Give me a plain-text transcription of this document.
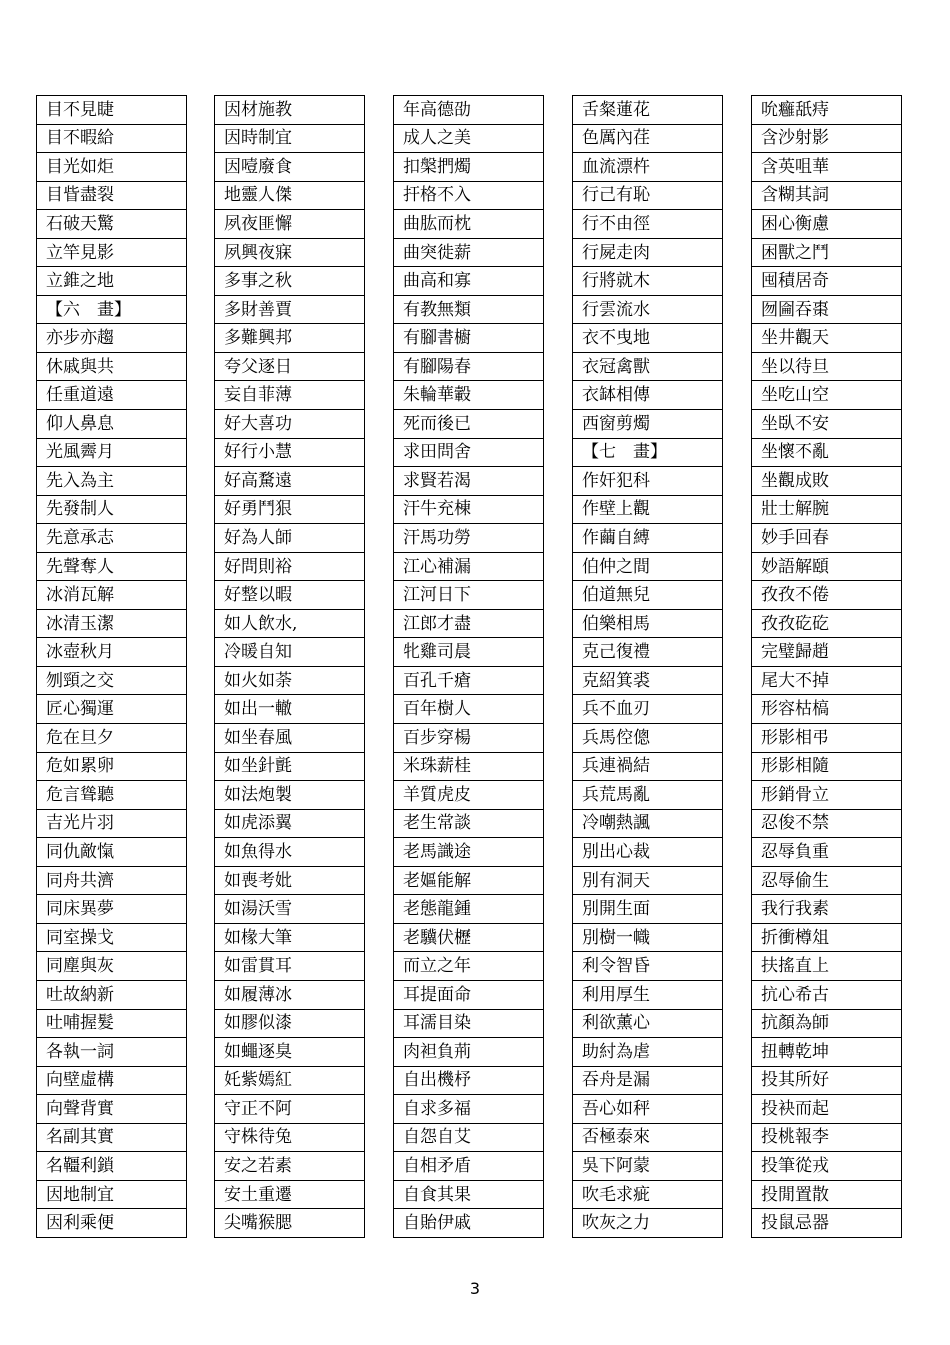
目不見睫
目不暇給
目光如炬
目眥盡裂
石破天驚
立竿見影
立錐之地
【六　畫】
亦步亦趨
休戚與共
任重道遠
仰人鼻息
光風霽月
先入為主
先發制人
先意承志
先聲奪人
冰消瓦解
冰清玉潔
冰壺秋月
刎頸之交
匠心獨運
危在旦夕
危如累卵
危言聳聽
吉光片羽
同仇敵愾
同舟共濟
同床異夢
同室操戈
同塵與灰
吐故納新
吐哺握髮
各執一詞
向壁虛構
向聲背實
名副其實
名韁利鎖
因地制宜
因利乘便
因材施教
因時制宜
因噎廢食
地靈人傑
夙夜匪懈
夙興夜寐
多事之秋
多財善賈
多難興邦
夸父逐日
妄自菲薄
好大喜功
好行小慧
好高騖遠
好勇鬥狠
好為人師
好問則裕
好整以暇
如人飲水,
冷暖自知
如火如荼
如出一轍
如坐春風
如坐針氈
如法炮製
如虎添翼
如魚得水
如喪考妣
如湯沃雪
如椽大筆
如雷貫耳
如履薄冰
如膠似漆
如蠅逐臭
奼紫嫣紅
守正不阿
守株待兔
安之若素
安土重遷
尖嘴猴腮
年高德劭
成人之美
扣槃捫燭
扞格不入
曲肱而枕
曲突徙薪
曲高和寡
有教無類
有腳書櫥
有腳陽春
朱輪華轂
死而後已
求田問舍
求賢若渴
汗牛充棟
汗馬功勞
江心補漏
江河日下
江郎才盡
牝雞司晨
百孔千瘡
百年樹人
百步穿楊
米珠薪桂
羊質虎皮
老生常談
老馬識途
老嫗能解
老態龍鍾
老驥伏櫪
而立之年
耳提面命
耳濡目染
肉袒負荊
自出機杼
自求多福
自怨自艾
自相矛盾
自食其果
自貽伊戚
舌粲蓮花
色厲內荏
血流漂杵
行己有恥
行不由徑
行屍走肉
行將就木
行雲流水
衣不曳地
衣冠禽獸
衣缽相傳
西窗剪燭
【七　畫】
作奸犯科
作壁上觀
作繭自縛
伯仲之間
伯道無兒
伯樂相馬
克己復禮
克紹箕裘
兵不血刃
兵馬倥傯
兵連禍結
兵荒馬亂
冷嘲熱諷
別出心裁
別有洞天
別開生面
別樹一幟
利令智昏
利用厚生
利欲薰心
助紂為虐
吞舟是漏
吾心如秤
否極泰來
吳下阿蒙
吹毛求疵
吹灰之力
吮癰舐痔
含沙射影
含英咀華
含糊其詞
困心衡慮
困獸之鬥
囤積居奇
囫圇吞棗
坐井觀天
坐以待旦
坐吃山空
坐臥不安
坐懷不亂
坐觀成敗
壯士解腕
妙手回春
妙語解頤
孜孜不倦
孜孜矻矻
完璧歸趙
尾大不掉
形容枯槁
形影相弔
形影相隨
形銷骨立
忍俊不禁
忍辱負重
忍辱偷生
我行我素
折衝樽俎
扶搖直上
抗心希古
抗顏為師
扭轉乾坤
投其所好
投袂而起
投桃報李
投筆從戎
投閒置散
投鼠忌器
3
